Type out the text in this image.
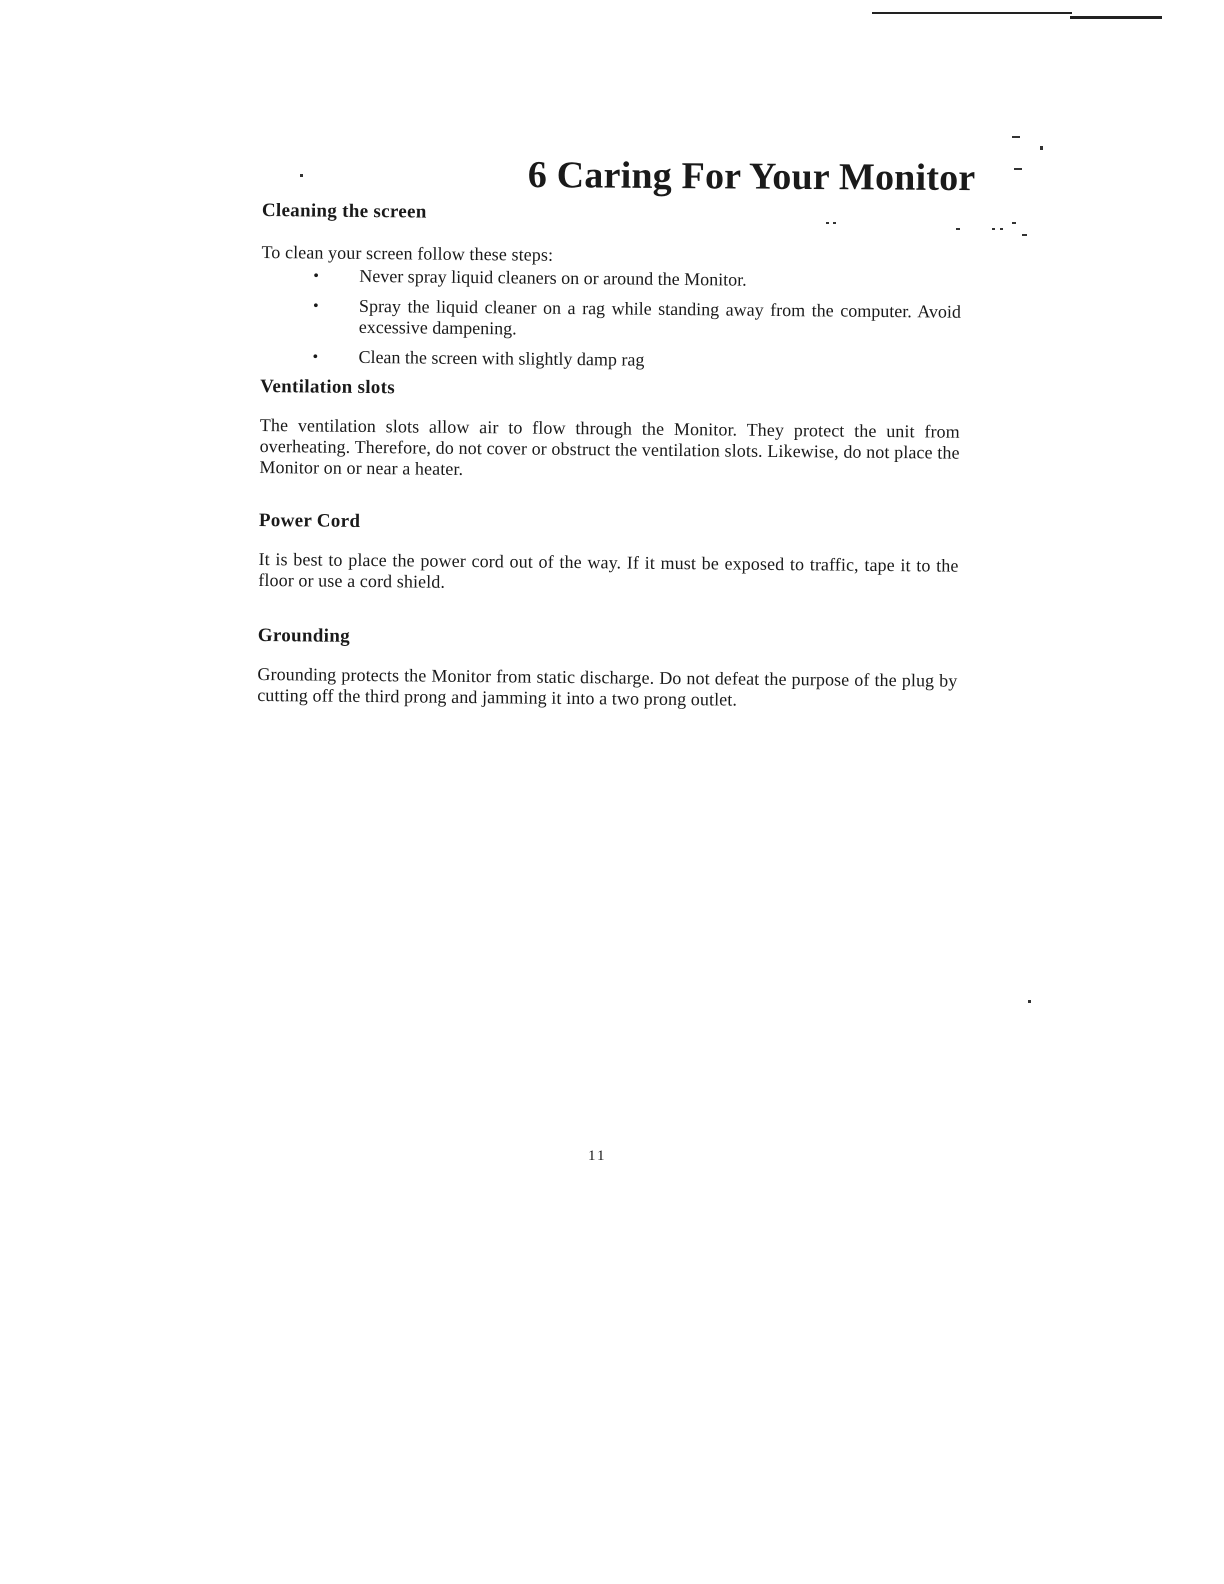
6 Caring For Your Monitor
Cleaning the screen

To clean your screen follow these steps:

• Never spray liquid cleaners on or around the Monitor.
• Spray the liquid cleaner on a rag while standing away from the computer. Avoid excessive dampening.
• Clean the screen with slightly damp rag
Ventilation slots

The ventilation slots allow air to flow through the Monitor. They protect the unit from overheating. Therefore, do not cover or obstruct the ventilation slots. Likewise, do not place the Monitor on or near a heater.

Power Cord

It is best to place the power cord out of the way. If it must be exposed to traffic, tape it to the floor or use a cord shield.

Grounding

Grounding protects the Monitor from static discharge. Do not defeat the purpose of the plug by cutting off the third prong and jamming it into a two prong outlet.

11
